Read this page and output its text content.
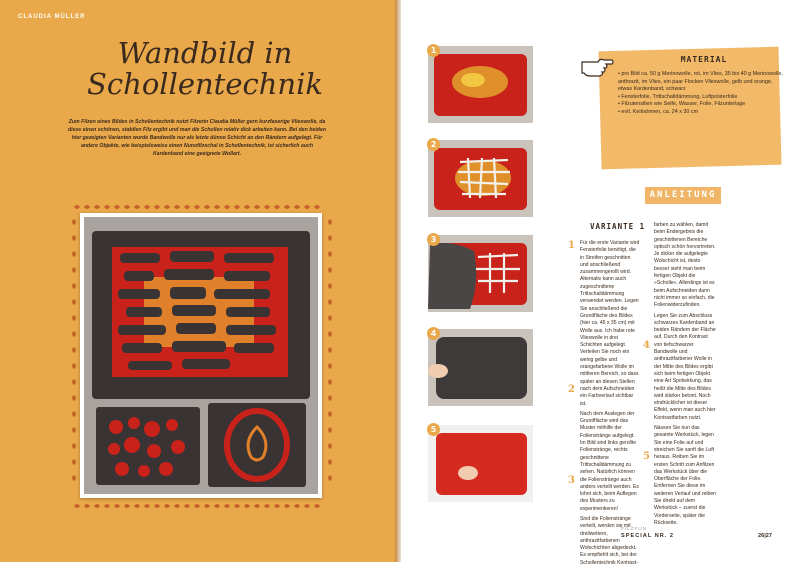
CLAUDIA MÜLLER
Wandbild in
Schollentechnik
Zum Filzen eines Bildes in Schollentechnik nutzt Filzerin Claudia Müller gern kurzfaserige Vlieswolle, da diese einen schönen, stabilen Filz ergibt und man die Schollen relativ dick arbeiten kann. Bei den beiden hier gezeigten Varianten wurde Bandwolle nur als letzte dünne Schicht an den Rändern aufgelegt. Für andere Objekte, wie beispielsweise einen Nunofilzschal in Schollentechnik, ist sicherlich auch Kardenband eine geeignete Wollart.
1
2
3
4
5
MATERIAL
• pro Bild ca. 50 g Merinowolle, rot, im Vlies, 35 bis 40 g Merinowolle, anthrazit, im Vlies, ein paar Flocken Vlieswolle, gelb und orange, etwas Kardenband, schwarz
• Fensterfolie, Trittschalldämmung, Luftpolsterfolie
• Filzutensilien wie Seife, Wasser, Folie, Filzunterlage
• evtl. Keilrahmen, ca. 24 x 30 cm
ANLEITUNG
VARIANTE 1
1
2
3
4
5

Für die erste Variante wird Fensterfolie benötigt, die in Streifen geschnitten und anschließend zusammengerollt wird. Alternativ kann auch zugeschnittene Trittschalldämmung verwendet werden. Legen Sie anschließend die Grundfläche des Bildes (hier ca. 45 x 35 cm) mit Wolle aus. Ich habe rote Vlieswolle in drei Schichten aufgelegt. Verteilen Sie noch ein wenig gelbe und orangefarbene Wolle im mittleren Bereich, so dass später an diesen Stellen nach dem Aufschneiden ein Farbverlauf sichtbar ist.

Nach dem Auslegen der Grundfläche wird das Muster mithilfe der Folienstränge aufgelegt. Im Bild sind links gerollte Folienstränge, rechts geschnittene Trittschalldämmung zu sehen. Natürlich können die Folienstränge auch anders verteilt werden. Es lohnt sich, beim Auflegen des Musters zu experimentieren!

Sind die Folienstränge verteilt, werden sie mit dreilwettern, anthrazitfarbenen Wolschichten abgedeckt. Es empfiehlt sich, bei der Schollentechnik Kontrast-

farben zu wählen, damit beim Endergebnis die geschnittenen Bereiche optisch schön hervortreten. Je dicker die aufgelegte Wolschicht ist, desto besser sieht man beim fertigen Objekt die »Scholle«. Allerdings ist es beim Aufschneiden dann nicht immer so einfach, die Folienwiderzufinden.

Legen Sie zum Abschluss schwarzes Kardenband an beiden Rändern der Fläche auf. Durch den Kontrast von tiefschwarzer Bandwolle und anthrazitfarbener Wolle in der Mitte des Bildes ergibt sich beim fertigen Objekt eine Art Spotwirkung, das heißt die Mitte des Bildes wird stärker betont. Noch eindrücklicher ist dieser Effekt, wenn man auch hier Kontrastfarben nutzt.

Nässen Sie nun das gesamte Werkstück, legen Sie eine Folie auf und streichen Sie sanft die Luft heraus. Reiben Sie im ersten Schritt zum Anfilzen das Werkstück über die Oberfläche der Folie. Entfernen Sie diese im weiteren Verlauf und reiben Sie direkt auf dem Werkstück – zuerst die Vorderseite, später die Rückseite.

FILZFUN
SPECIAL NR. 2	26|27
